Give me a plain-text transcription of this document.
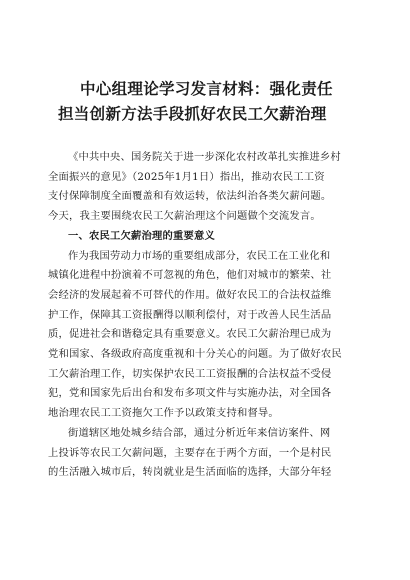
中心组理论学习发言材料：强化责任
担当创新方法手段抓好农民工欠薪治理

《中共中央、国务院关于进一步深化农村改革扎实推进乡村
全面振兴的意见》（2025年1月1日）指出，推动农民工工资
支付保障制度全面覆盖和有效运转，依法纠治各类欠薪问题。
今天，我主要围绕农民工欠薪治理这个问题做个交流发言。

一、农民工欠薪治理的重要意义

作为我国劳动力市场的重要组成部分，农民工在工业化和
城镇化进程中扮演着不可忽视的角色，他们对城市的繁荣、社
会经济的发展起着不可替代的作用。做好农民工的合法权益维
护工作，保障其工资报酬得以顺利偿付，对于改善人民生活品
质，促进社会和谐稳定具有重要意义。农民工欠薪治理已成为
党和国家、各级政府高度重视和十分关心的问题。为了做好农民
工欠薪治理工作，切实保护农民工工资报酬的合法权益不受侵
犯，党和国家先后出台和发布多项文件与实施办法，对全国各
地治理农民工工资拖欠工作予以政策支持和督导。

街道辖区地处城乡结合部，通过分析近年来信访案件、网
上投诉等农民工欠薪问题，主要存在于两个方面，一个是村民
的生活融入城市后，转岗就业是生活面临的选择，大部分年轻
